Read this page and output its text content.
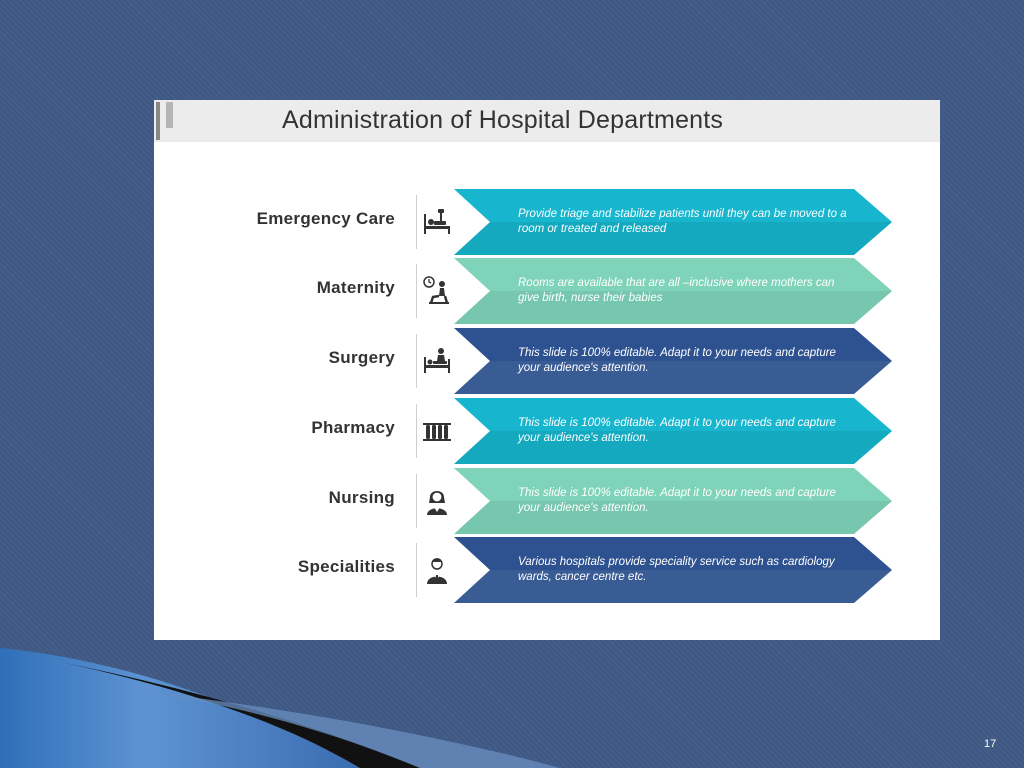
Administration of Hospital Departments
Emergency Care	Provide triage and stabilize patients until they can be moved to a room or treated and released
Maternity	Rooms are available that are all –inclusive where mothers can give birth, nurse their babies
Surgery	This slide is 100% editable. Adapt it to your needs and capture your audience's attention.
Pharmacy	This slide is 100% editable. Adapt it to your needs and capture your audience's attention.
Nursing	This slide is 100% editable. Adapt it to your needs and capture your audience's attention.
Specialities	Various hospitals provide speciality service such as cardiology wards, cancer centre etc.
17
